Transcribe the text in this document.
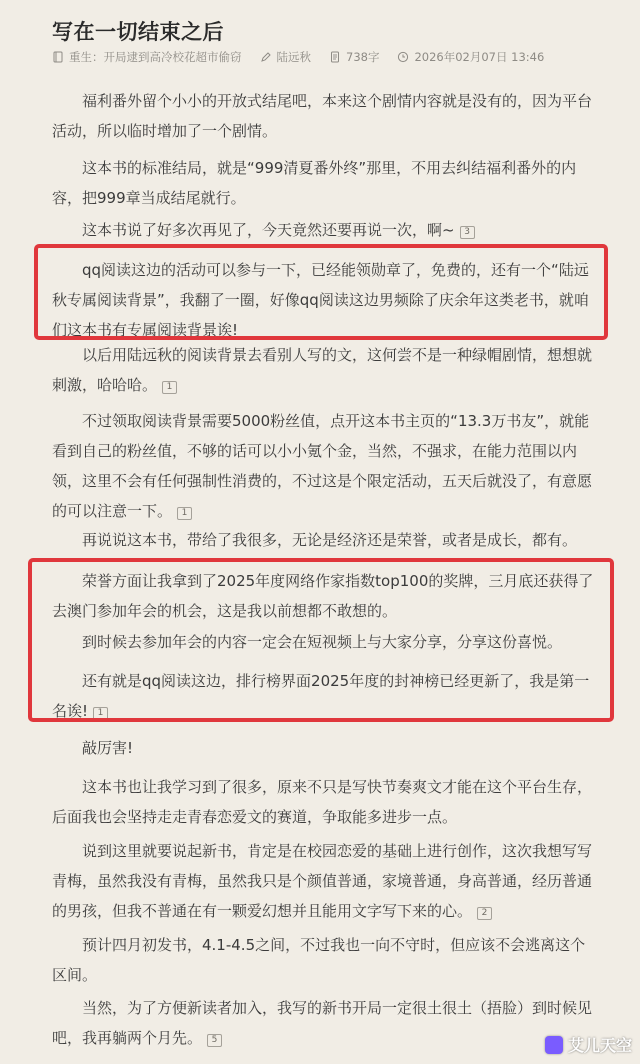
写在一切结束之后
重生：开局逮到高冷校花超市偷窃	陆远秋	738字	2026年02月07日 13:46

福利番外留个小小的开放式结尾吧，本来这个剧情内容就是没有的，因为平台活动，所以临时增加了一个剧情。

这本书的标准结局，就是“999清夏番外终”那里，不用去纠结福利番外的内容，把999章当成结尾就行。

这本书说了好多次再见了，今天竟然还要再说一次，啊~ 3

qq阅读这边的活动可以参与一下，已经能领勋章了，免费的，还有一个“陆远秋专属阅读背景”，我翻了一圈，好像qq阅读这边男频除了庆余年这类老书，就咱们这本书有专属阅读背景诶!

以后用陆远秋的阅读背景去看别人写的文，这何尝不是一种绿帽剧情，想想就刺激，哈哈哈。 1

不过领取阅读背景需要5000粉丝值，点开这本书主页的“13.3万书友”，就能看到自己的粉丝值，不够的话可以小小氪个金，当然，不强求，在能力范围以内领，这里不会有任何强制性消费的，不过这是个限定活动，五天后就没了，有意愿的可以注意一下。 1

再说说这本书，带给了我很多，无论是经济还是荣誉，或者是成长，都有。

荣誉方面让我拿到了2025年度网络作家指数top100的奖牌，三月底还获得了去澳门参加年会的机会，这是我以前想都不敢想的。

到时候去参加年会的内容一定会在短视频上与大家分享，分享这份喜悦。

还有就是qq阅读这边，排行榜界面2025年度的封神榜已经更新了，我是第一名诶! 1

敲厉害!

这本书也让我学习到了很多，原来不只是写快节奏爽文才能在这个平台生存，后面我也会坚持走走青春恋爱文的赛道，争取能多进步一点。

说到这里就要说起新书，肯定是在校园恋爱的基础上进行创作，这次我想写写青梅，虽然我没有青梅，虽然我只是个颜值普通，家境普通，身高普通，经历普通的男孩，但我不普通在有一颗爱幻想并且能用文字写下来的心。 2

预计四月初发书，4.1-4.5之间，不过我也一向不守时，但应该不会逃离这个区间。

当然，为了方便新读者加入，我写的新书开局一定很土很土（捂脸）到时候见吧，我再躺两个月先。 5	艾儿天空
